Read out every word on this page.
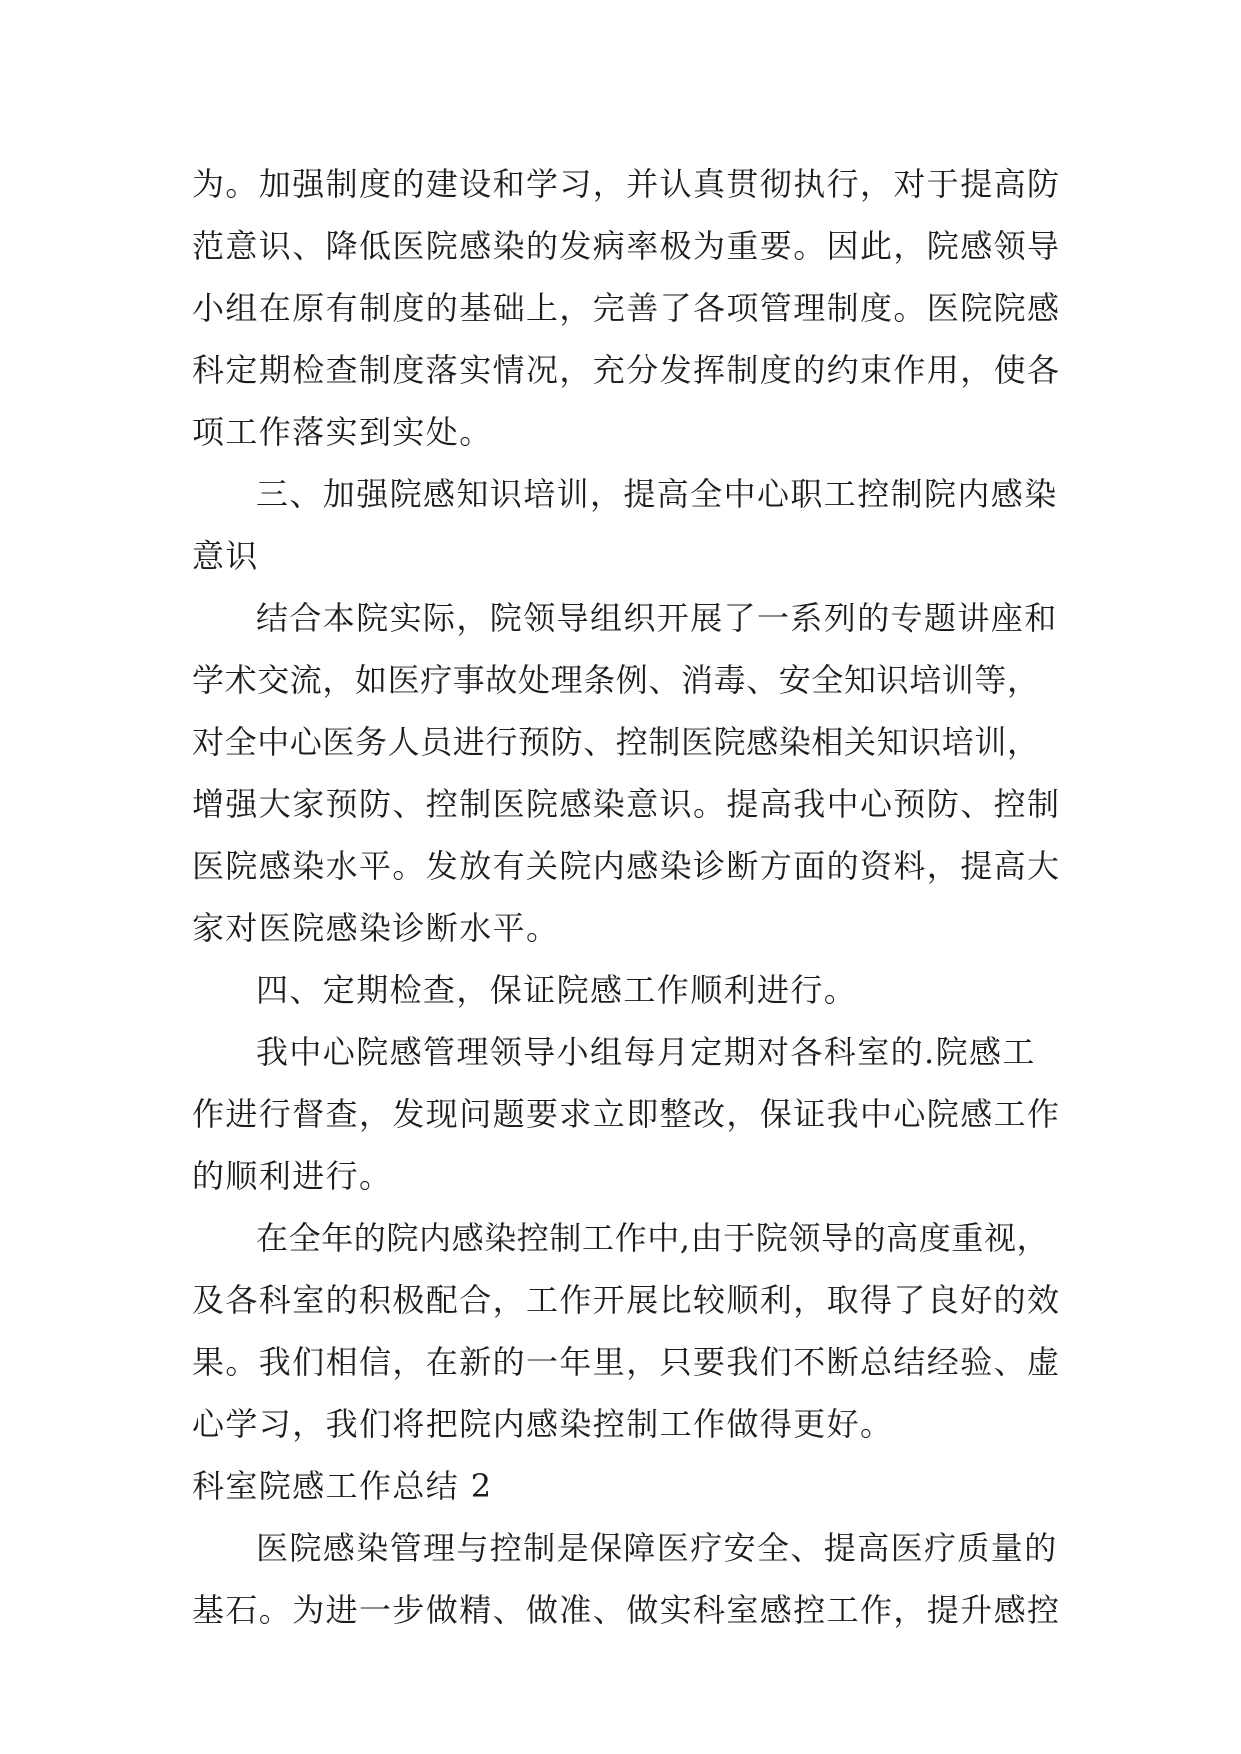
为。加强制度的建设和学习，并认真贯彻执行，对于提高防

范意识、降低医院感染的发病率极为重要。因此，院感领导

小组在原有制度的基础上，完善了各项管理制度。医院院感

科定期检查制度落实情况，充分发挥制度的约束作用，使各

项工作落实到实处。

三、加强院感知识培训，提高全中心职工控制院内感染

意识

结合本院实际，院领导组织开展了一系列的专题讲座和

学术交流，如医疗事故处理条例、消毒、安全知识培训等，

对全中心医务人员进行预防、控制医院感染相关知识培训，

增强大家预防、控制医院感染意识。提高我中心预防、控制

医院感染水平。发放有关院内感染诊断方面的资料，提高大

家对医院感染诊断水平。

四、定期检查，保证院感工作顺利进行。

我中心院感管理领导小组每月定期对各科室的.院感工

作进行督查，发现问题要求立即整改，保证我中心院感工作

的顺利进行。

在全年的院内感染控制工作中,由于院领导的高度重视，

及各科室的积极配合，工作开展比较顺利，取得了良好的效

果。我们相信，在新的一年里，只要我们不断总结经验、虚

心学习，我们将把院内感染控制工作做得更好。

科室院感工作总结 2

医院感染管理与控制是保障医疗安全、提高医疗质量的

基石。为进一步做精、做准、做实科室感控工作，提升感控
